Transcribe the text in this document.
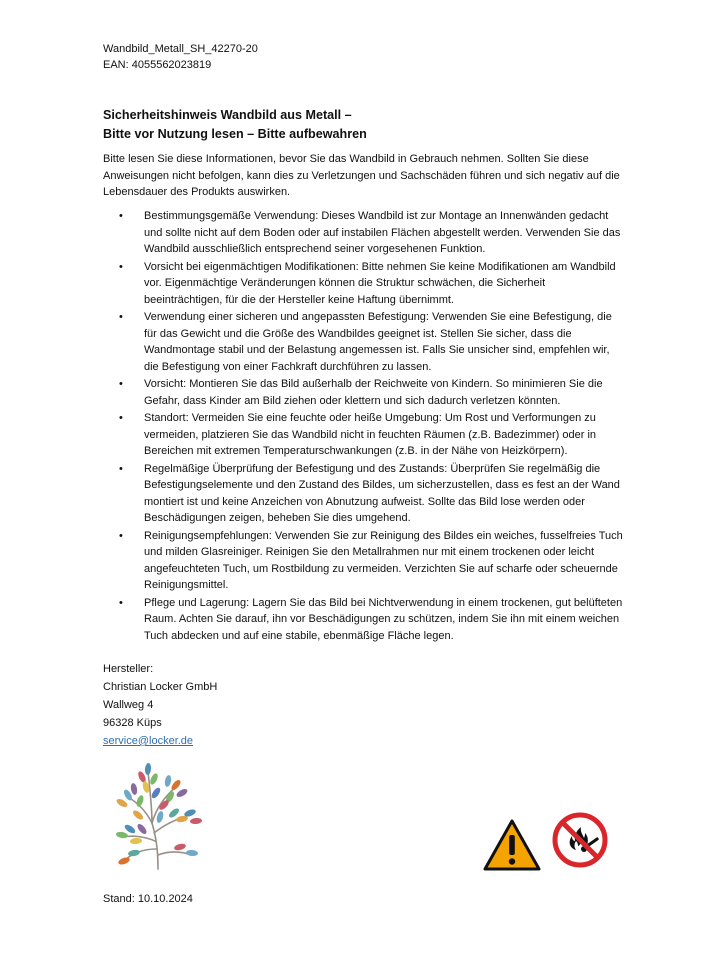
Wandbild_Metall_SH_42270-20
EAN: 4055562023819
Sicherheitshinweis Wandbild aus Metall –
Bitte vor Nutzung lesen – Bitte aufbewahren
Bitte lesen Sie diese Informationen, bevor Sie das Wandbild in Gebrauch nehmen. Sollten Sie diese Anweisungen nicht befolgen, kann dies zu Verletzungen und Sachschäden führen und sich negativ auf die Lebensdauer des Produkts auswirken.
• Bestimmungsgemäße Verwendung: Dieses Wandbild ist zur Montage an Innenwänden gedacht und sollte nicht auf dem Boden oder auf instabilen Flächen abgestellt werden. Verwenden Sie das Wandbild ausschließlich entsprechend seiner vorgesehenen Funktion.
• Vorsicht bei eigenmächtigen Modifikationen: Bitte nehmen Sie keine Modifikationen am Wandbild vor. Eigenmächtige Veränderungen können die Struktur schwächen, die Sicherheit beeinträchtigen, für die der Hersteller keine Haftung übernimmt.
• Verwendung einer sicheren und angepassten Befestigung: Verwenden Sie eine Befestigung, die für das Gewicht und die Größe des Wandbildes geeignet ist. Stellen Sie sicher, dass die Wandmontage stabil und der Belastung angemessen ist. Falls Sie unsicher sind, empfehlen wir, die Befestigung von einer Fachkraft durchführen zu lassen.
• Vorsicht: Montieren Sie das Bild außerhalb der Reichweite von Kindern. So minimieren Sie die Gefahr, dass Kinder am Bild ziehen oder klettern und sich dadurch verletzen könnten.
• Standort: Vermeiden Sie eine feuchte oder heiße Umgebung: Um Rost und Verformungen zu vermeiden, platzieren Sie das Wandbild nicht in feuchten Räumen (z.B. Badezimmer) oder in Bereichen mit extremen Temperaturschwankungen (z.B. in der Nähe von Heizkörpern).
• Regelmäßige Überprüfung der Befestigung und des Zustands: Überprüfen Sie regelmäßig die Befestigungselemente und den Zustand des Bildes, um sicherzustellen, dass es fest an der Wand montiert ist und keine Anzeichen von Abnutzung aufweist. Sollte das Bild lose werden oder Beschädigungen zeigen, beheben Sie dies umgehend.
• Reinigungsempfehlungen: Verwenden Sie zur Reinigung des Bildes ein weiches, fusselfreies Tuch und milden Glasreiniger. Reinigen Sie den Metallrahmen nur mit einem trockenen oder leicht angefeuchteten Tuch, um Rostbildung zu vermeiden. Verzichten Sie auf scharfe oder scheuernde Reinigungsmittel.
• Pflege und Lagerung: Lagern Sie das Bild bei Nichtverwendung in einem trockenen, gut belüfteten Raum. Achten Sie darauf, ihn vor Beschädigungen zu schützen, indem Sie ihn mit einem weichen Tuch abdecken und auf eine stabile, ebenmäßige Fläche legen.
Hersteller:
Christian Locker GmbH
Wallweg 4
96328 Küps
service@locker.de
Stand: 10.10.2024
